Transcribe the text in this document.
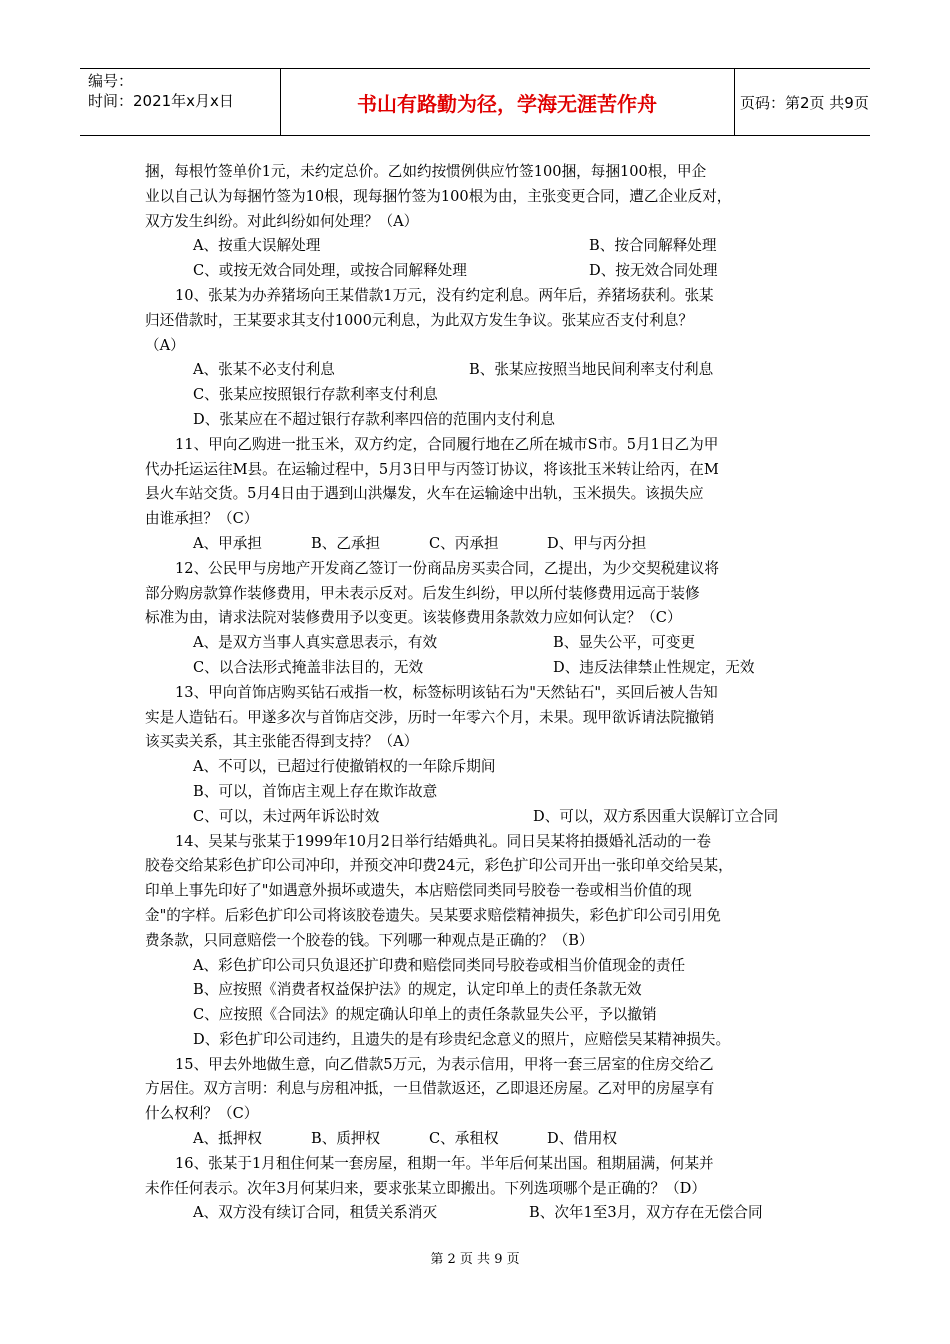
编号：
时间：2021年x月x日	书山有路勤为径，学海无涯苦作舟	页码：第2页 共9页
捆，每根竹签单价1元，未约定总价。乙如约按惯例供应竹签100捆，每捆100根，甲企
业以自己认为每捆竹签为10根，现每捆竹签为100根为由，主张变更合同，遭乙企业反对，
双方发生纠纷。对此纠纷如何处理？（A）
A、按重大误解处理	B、按合同解释处理
C、或按无效合同处理，或按合同解释处理	D、按无效合同处理
10、张某为办养猪场向王某借款1万元，没有约定利息。两年后，养猪场获利。张某
归还借款时，王某要求其支付1000元利息，为此双方发生争议。张某应否支付利息？
（A）
A、张某不必支付利息	B、张某应按照当地民间利率支付利息
C、张某应按照银行存款利率支付利息
D、张某应在不超过银行存款利率四倍的范围内支付利息
11、甲向乙购进一批玉米，双方约定，合同履行地在乙所在城市S市。5月1日乙为甲
代办托运运往M县。在运输过程中，5月3日甲与丙签订协议，将该批玉米转让给丙，在M
县火车站交货。5月4日由于遇到山洪爆发，火车在运输途中出轨，玉米损失。该损失应
由谁承担？（C）
A、甲承担	B、乙承担	C、丙承担	D、甲与丙分担
12、公民甲与房地产开发商乙签订一份商品房买卖合同，乙提出，为少交契税建议将
部分购房款算作装修费用，甲未表示反对。后发生纠纷，甲以所付装修费用远高于装修
标准为由，请求法院对装修费用予以变更。该装修费用条款效力应如何认定？（C）
A、是双方当事人真实意思表示，有效	B、显失公平，可变更
C、以合法形式掩盖非法目的，无效	D、违反法律禁止性规定，无效
13、甲向首饰店购买钻石戒指一枚，标签标明该钻石为"天然钻石"，买回后被人告知
实是人造钻石。甲遂多次与首饰店交涉，历时一年零六个月，未果。现甲欲诉请法院撤销
该买卖关系，其主张能否得到支持？（A）
A、不可以，已超过行使撤销权的一年除斥期间
B、可以，首饰店主观上存在欺诈故意
C、可以，未过两年诉讼时效	D、可以，双方系因重大误解订立合同
14、吴某与张某于1999年10月2日举行结婚典礼。同日吴某将拍摄婚礼活动的一卷
胶卷交给某彩色扩印公司冲印，并预交冲印费24元，彩色扩印公司开出一张印单交给吴某，
印单上事先印好了"如遇意外损坏或遗失，本店赔偿同类同号胶卷一卷或相当价值的现
金"的字样。后彩色扩印公司将该胶卷遗失。吴某要求赔偿精神损失，彩色扩印公司引用免
费条款，只同意赔偿一个胶卷的钱。下列哪一种观点是正确的？（B）
A、彩色扩印公司只负退还扩印费和赔偿同类同号胶卷或相当价值现金的责任
B、应按照《消费者权益保护法》的规定，认定印单上的责任条款无效
C、应按照《合同法》的规定确认印单上的责任条款显失公平，予以撤销
D、彩色扩印公司违约，且遗失的是有珍贵纪念意义的照片，应赔偿吴某精神损失。
15、甲去外地做生意，向乙借款5万元，为表示信用，甲将一套三居室的住房交给乙
方居住。双方言明：利息与房租冲抵，一旦借款返还，乙即退还房屋。乙对甲的房屋享有
什么权利？（C）
A、抵押权	B、质押权	C、承租权	D、借用权
16、张某于1月租住何某一套房屋，租期一年。半年后何某出国。租期届满，何某并
未作任何表示。次年3月何某归来，要求张某立即搬出。下列选项哪个是正确的？（D）
A、双方没有续订合同，租赁关系消灭	B、次年1至3月，双方存在无偿合同
第 2 页 共 9 页
